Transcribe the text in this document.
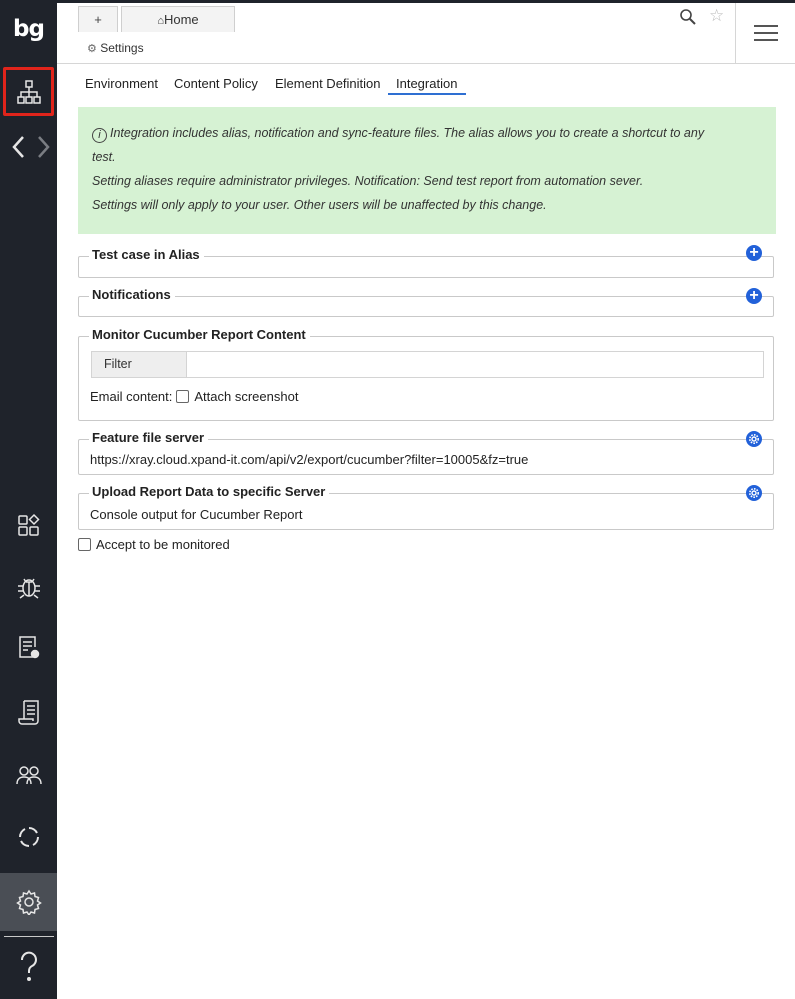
bg	+	⌂Home	☆
⚙ Settings
Environment Content Policy Element Definition	Integration
i Integration includes alias, notification and sync-feature files. The alias allows you to create a shortcut to any
test.
Setting aliases require administrator privileges. Notification: Send test report from automation sever.
Settings will only apply to your user. Other users will be unaffected by this change.
Test case in Alias	+
Notifications	+
Monitor Cucumber Report Content
Filter
Email content: Attach screenshot
Feature file server
https://xray.cloud.xpand-it.com/api/v2/export/cucumber?filter=10005&fz=true
Upload Report Data to specific Server
Console output for Cucumber Report
Accept to be monitored
